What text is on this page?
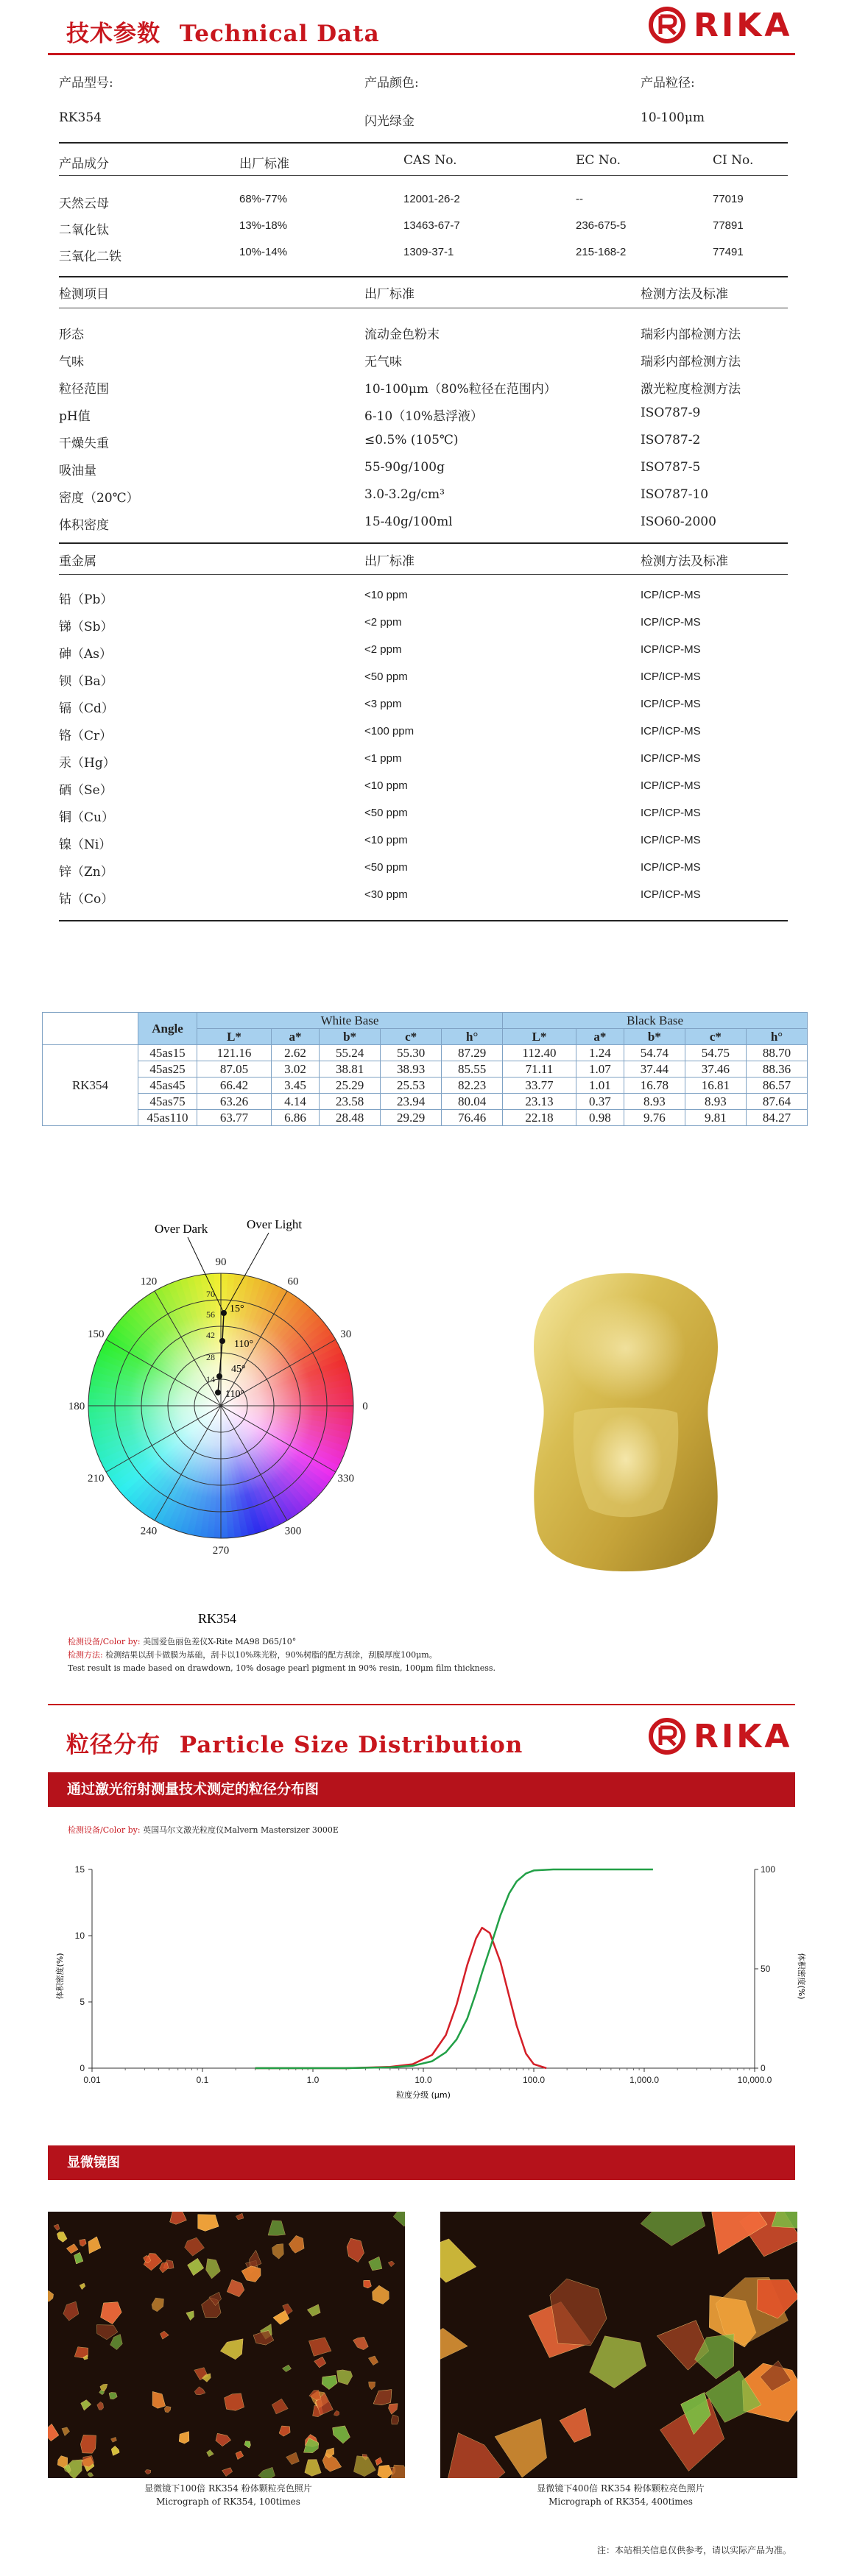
技术参数 Technical Data	RIKA
产品型号:	产品颜色:	产品粒径:
RK354	闪光绿金	10-100μm
产品成分	出厂标准	CAS No.	EC No.	CI No.
天然云母	68%-77%	12001-26-2	--	77019
二氧化钛	13%-18%	13463-67-7	236-675-5	77891
三氧化二铁	10%-14%	1309-37-1	215-168-2	77491
检测项目	出厂标准	检测方法及标准
形态	流动金色粉末	瑞彩内部检测方法
气味	无气味	瑞彩内部检测方法
粒径范围	10-100μm（80%粒径在范围内）	激光粒度检测方法
pH值	6-10（10%悬浮液）	ISO787-9
干燥失重	≤0.5% (105℃)	ISO787-2
吸油量	55-90g/100g	ISO787-5
密度（20℃）	3.0-3.2g/cm³	ISO787-10
体积密度	15-40g/100ml	ISO60-2000
重金属	出厂标准	检测方法及标准
铅（Pb）	<10 ppm	ICP/ICP-MS
锑（Sb）	<2 ppm	ICP/ICP-MS
砷（As）	<2 ppm	ICP/ICP-MS
钡（Ba）	<50 ppm	ICP/ICP-MS
镉（Cd）	<3 ppm	ICP/ICP-MS
铬（Cr）	<100 ppm	ICP/ICP-MS
汞（Hg）	<1 ppm	ICP/ICP-MS
硒（Se）	<10 ppm	ICP/ICP-MS
铜（Cu）	<50 ppm	ICP/ICP-MS
镍（Ni）	<10 ppm	ICP/ICP-MS
锌（Zn）	<50 ppm	ICP/ICP-MS
钴（Co）	<30 ppm	ICP/ICP-MS
	Angle	White Base					Black Base				
		L*	a*	b*	c*	h°	L*	a*	b*	c*	h°
RK354	45as15	121.16	2.62	55.24	55.30	87.29	112.40	1.24	54.74	54.75	88.70
	45as25	87.05	3.02	38.81	38.93	85.55	71.11	1.07	37.44	37.46	88.36
	45as45	66.42	3.45	25.29	25.53	82.23	33.77	1.01	16.78	16.81	86.57
	45as75	63.26	4.14	23.58	23.94	80.04	23.13	0.37	8.93	8.93	87.64
	45as110	63.77	6.86	28.48	29.29	76.46	22.18	0.98	9.76	9.81	84.27
90
60
30
0
330
300
270
240
210
180
150
120
70
56
42
28
14
15°
110°
45°
110°
RK354
Over Dark	Over Light
检测设备/Color by: 美国爱色丽色差仪X-Rite MA98 D65/10°
检测方法: 检测结果以刮卡做膜为基础，刮卡以10%珠光粉，90%树脂的配方刮涂，刮膜厚度100μm。
Test result is made based on drawdown, 10% dosage pearl pigment in 90% resin, 100μm film thickness.
粒径分布 Particle Size Distribution	RIKA
通过激光衍射测量技术测定的粒径分布图
检测设备/Color by: 英国马尔文激光粒度仪Malvern Mastersizer 3000E
0.01	0.1	1.0	10.0	100.0	1,000.0	10,000.0
0
5
10
15
0
50
100
粒度分级 (μm)
体积密度(%)	体积密度(%)
显微镜图
显微镜下100倍 RK354 粉体颗粒亮色照片
Micrograph of RK354, 100times
显微镜下400倍 RK354 粉体颗粒亮色照片
Micrograph of RK354, 400times
注：本站相关信息仅供参考，请以实际产品为准。
